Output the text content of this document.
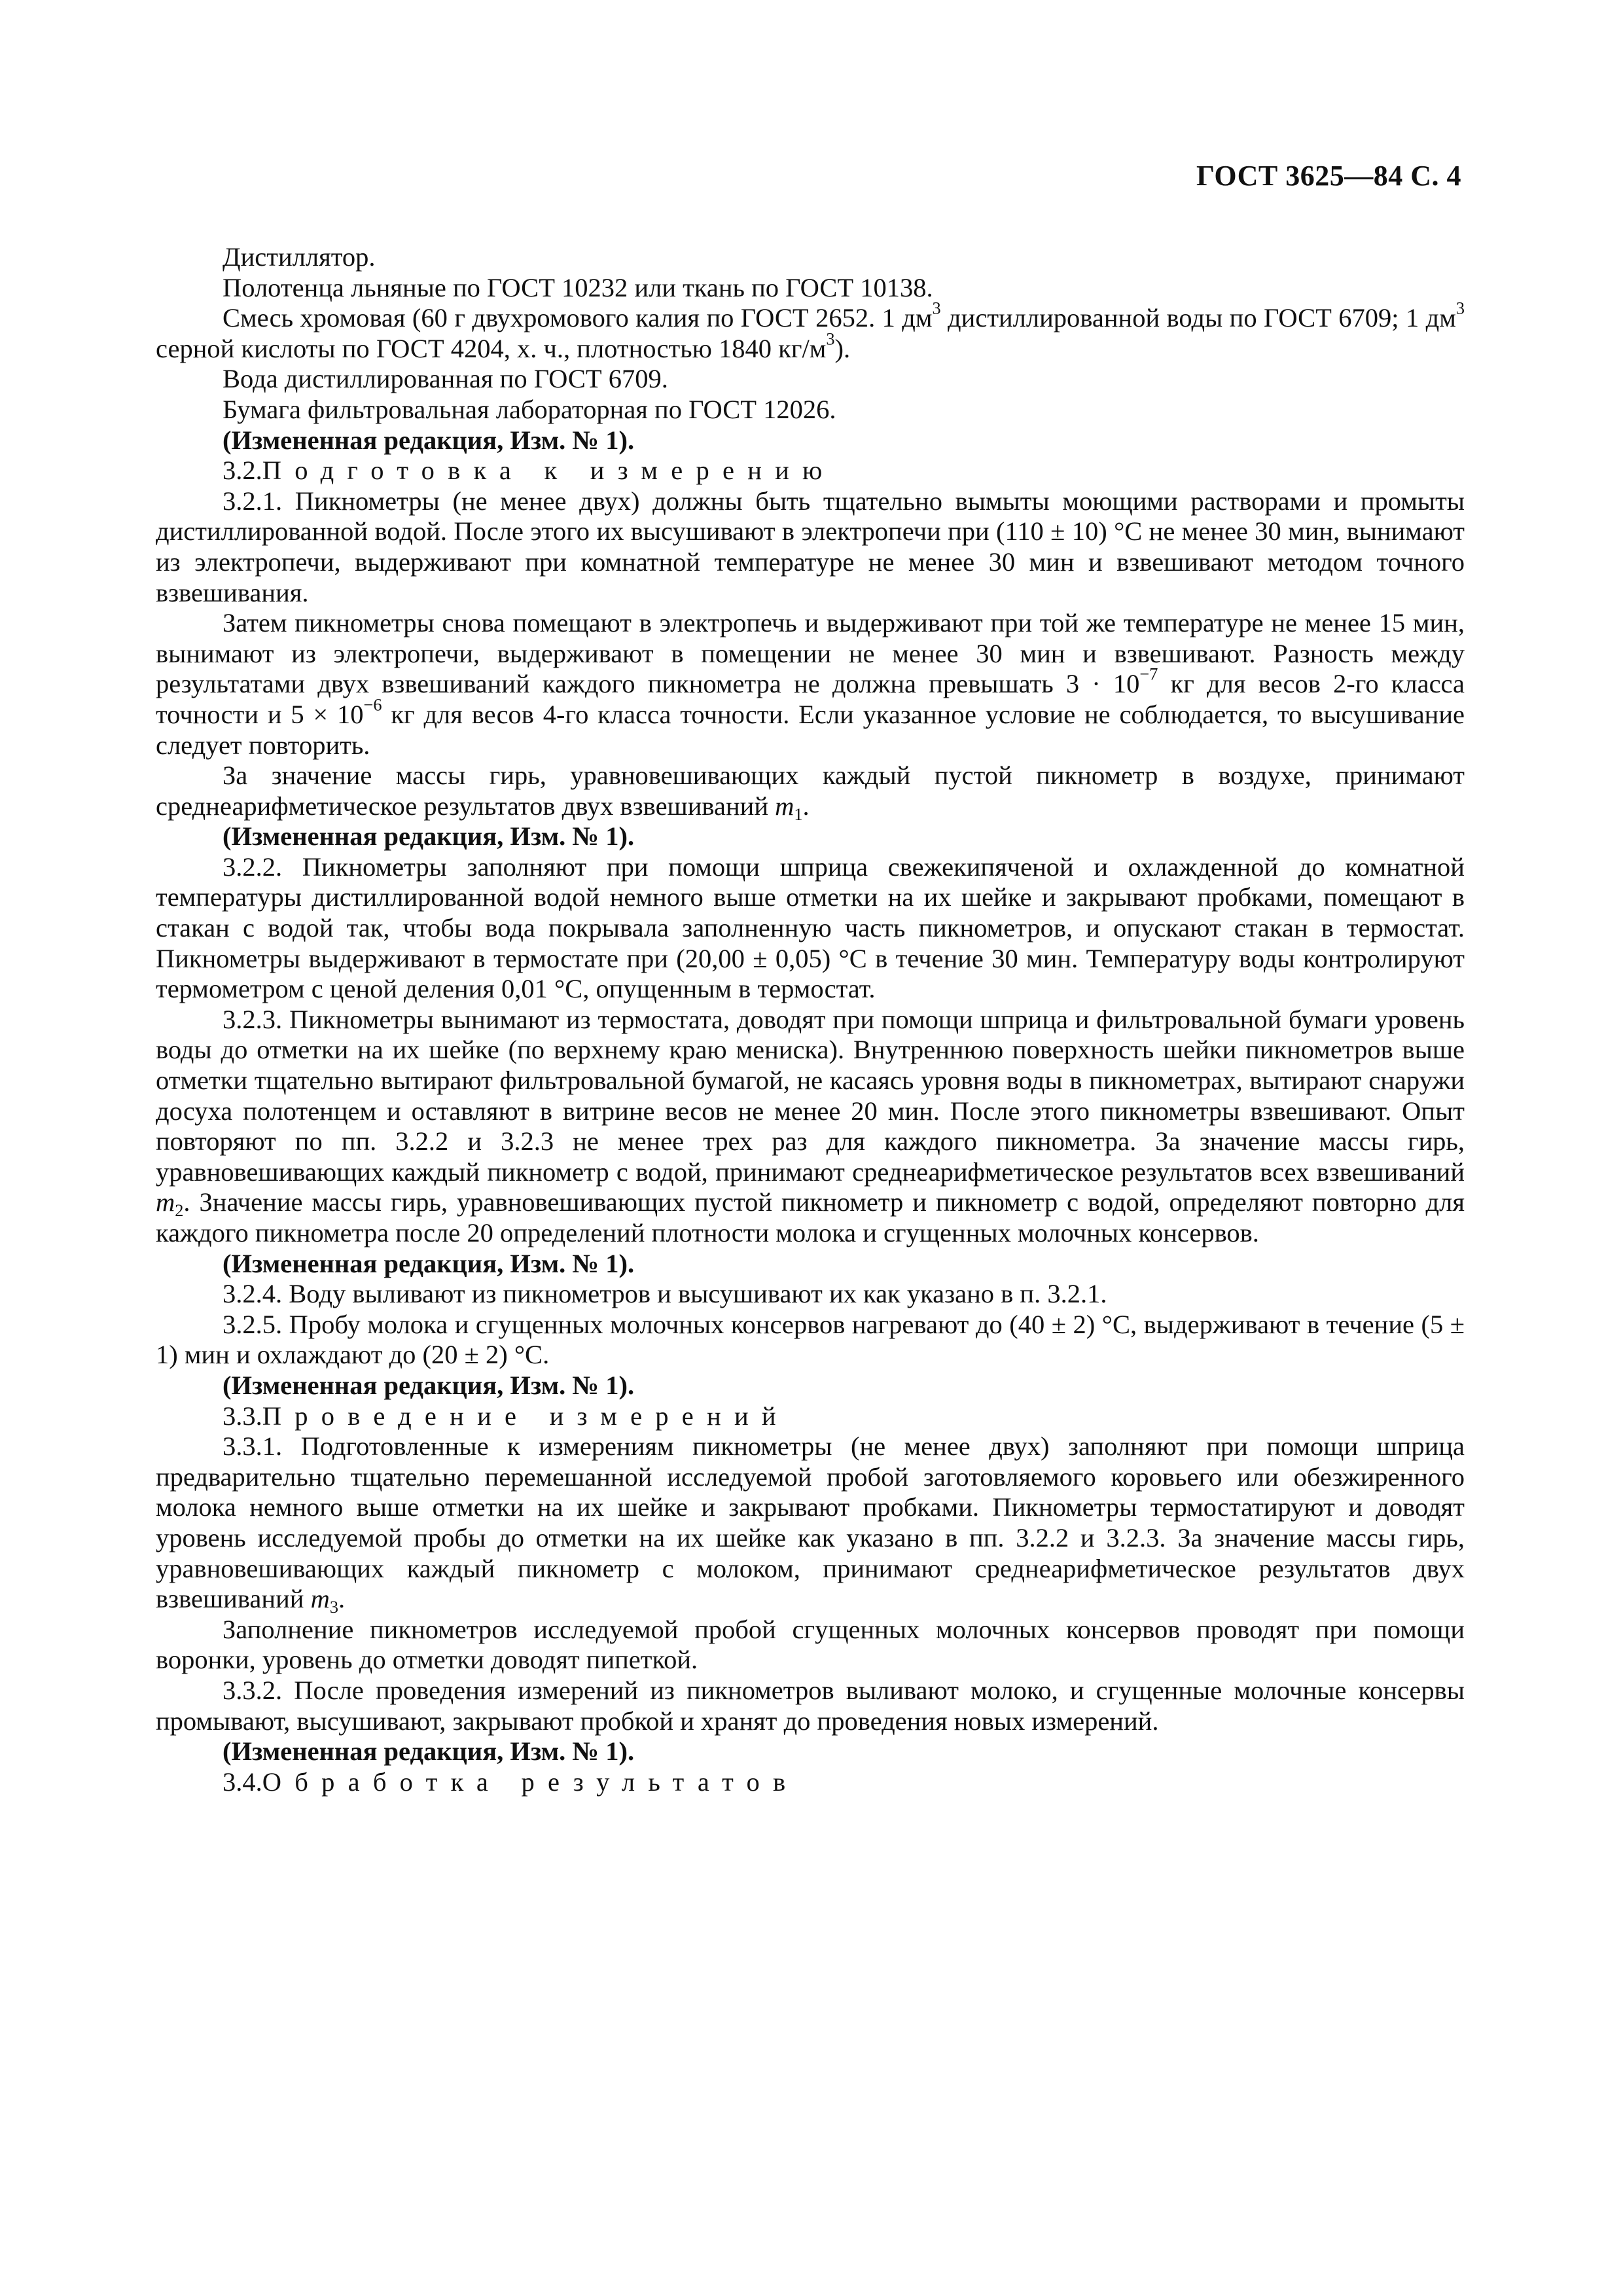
ГОСТ 3625—84 С. 4

Дистиллятор.

Полотенца льняные по ГОСТ 10232 или ткань по ГОСТ 10138.

Смесь хромовая (60 г двухромового калия по ГОСТ 2652. 1 $дм^3$ дистиллированной воды по ГОСТ 6709; 1 $дм^3$ серной кислоты по ГОСТ 4204, х. ч., плотностью 1840 $кг/м^3$).

Вода дистиллированная по ГОСТ 6709.

Бумага фильтровальная лабораторная по ГОСТ 12026.

(Измененная редакция, Изм. № 1).

3.2.Подготовка к измерению

3.2.1. Пикнометры (не менее двух) должны быть тщательно вымыты моющими растворами и промыты дистиллированной водой. После этого их высушивают в электропечи при (110 ± 10) °С не менее 30 мин, вынимают из электропечи, выдерживают при комнатной температуре не менее 30 мин и взвешивают методом точного взвешивания.

Затем пикнометры снова помещают в электропечь и выдерживают при той же температуре не менее 15 мин, вынимают из электропечи, выдерживают в помещении не менее 30 мин и взвешивают. Разность между результатами двух взвешиваний каждого пикнометра не должна превышать $3 \cdot 10^{-7}$ кг для весов 2-го класса точности и $5 \times 10^{-6}$ кг для весов 4-го класса точности. Если указанное условие не соблюдается, то высушивание следует повторить.

За значение массы гирь, уравновешивающих каждый пустой пикнометр в воздухе, принимают среднеарифметическое результатов двух взвешиваний $m_1$.

(Измененная редакция, Изм. № 1).

3.2.2. Пикнометры заполняют при помощи шприца свежекипяченой и охлажденной до комнатной температуры дистиллированной водой немного выше отметки на их шейке и закрывают пробками, помещают в стакан с водой так, чтобы вода покрывала заполненную часть пикнометров, и опускают стакан в термостат. Пикнометры выдерживают в термостате при (20,00 ± 0,05) °С в течение 30 мин. Температуру воды контролируют термометром с ценой деления 0,01 °С, опущенным в термостат.

3.2.3. Пикнометры вынимают из термостата, доводят при помощи шприца и фильтровальной бумаги уровень воды до отметки на их шейке (по верхнему краю мениска). Внутреннюю поверхность шейки пикнометров выше отметки тщательно вытирают фильтровальной бумагой, не касаясь уровня воды в пикнометрах, вытирают снаружи досуха полотенцем и оставляют в витрине весов не менее 20 мин. После этого пикнометры взвешивают. Опыт повторяют по пп. 3.2.2 и 3.2.3 не менее трех раз для каждого пикнометра. За значение массы гирь, уравновешивающих каждый пикнометр с водой, принимают среднеарифметическое результатов всех взвешиваний $m_2$. Значение массы гирь, уравновешивающих пустой пикнометр и пикнометр с водой, определяют повторно для каждого пикнометра после 20 определений плотности молока и сгущенных молочных консервов.

(Измененная редакция, Изм. № 1).

3.2.4. Воду выливают из пикнометров и высушивают их как указано в п. 3.2.1.

3.2.5. Пробу молока и сгущенных молочных консервов нагревают до (40 ± 2) °С, выдерживают в течение (5 ± 1) мин и охлаждают до (20 ± 2) °С.

(Измененная редакция, Изм. № 1).

3.3.Проведение измерений

3.3.1. Подготовленные к измерениям пикнометры (не менее двух) заполняют при помощи шприца предварительно тщательно перемешанной исследуемой пробой заготовляемого коровьего или обезжиренного молока немного выше отметки на их шейке и закрывают пробками. Пикнометры термостатируют и доводят уровень исследуемой пробы до отметки на их шейке как указано в пп. 3.2.2 и 3.2.3. За значение массы гирь, уравновешивающих каждый пикнометр с молоком, принимают среднеарифметическое результатов двух взвешиваний $m_3$.

Заполнение пикнометров исследуемой пробой сгущенных молочных консервов проводят при помощи воронки, уровень до отметки доводят пипеткой.

3.3.2. После проведения измерений из пикнометров выливают молоко, и сгущенные молочные консервы промывают, высушивают, закрывают пробкой и хранят до проведения новых измерений.

(Измененная редакция, Изм. № 1).

3.4.Обработка результатов
